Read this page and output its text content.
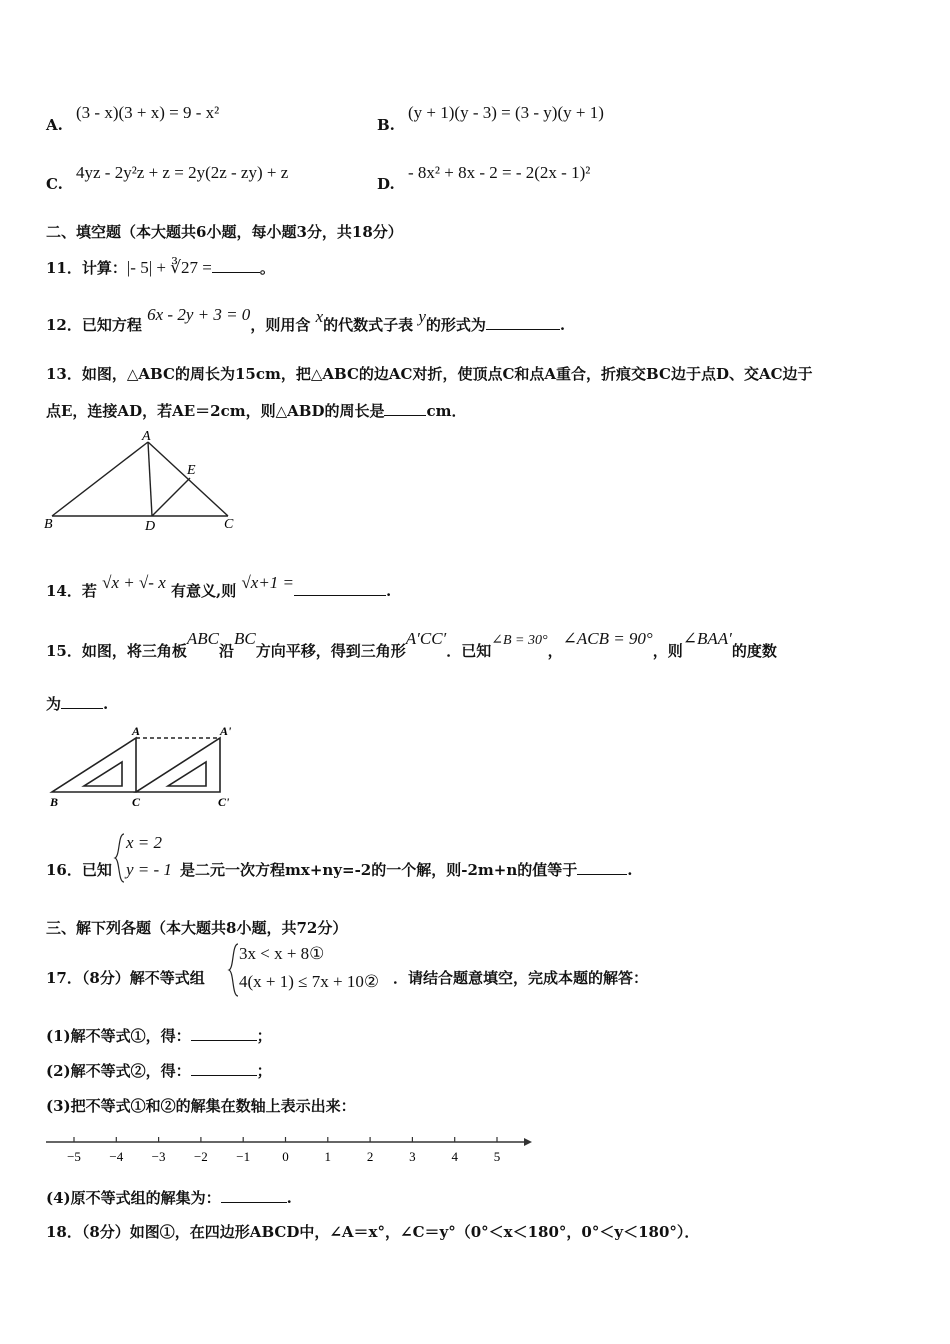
A.
(3 - x)(3 + x) = 9 - x²
B.
(y + 1)(y - 3) = (3 - y)(y + 1)
C.
4yz - 2y²z + z = 2y(2z - zy) + z
D.
- 8x² + 8x - 2 = - 2(2x - 1)²
二、填空题（本大题共6小题，每小题3分，共18分）
11．计算：|- 5| + ∛27 =	。
12．已知方程 6x - 2y + 3 = 0，则用含 x的代数式子表 y的形式为	.
13．如图，△ABC的周长为15cm，把△ABC的边AC对折，使顶点C和点A重合，折痕交BC边于点D、交AC边于
点E，连接AD，若AE＝2cm，则△ABD的周长是	cm．
A
B	C
D
E
14．若 √x + √- x 有意义,则 √x+1 =	.
15．如图，将三角板ABC沿BC方向平移，得到三角形A′CC′．已知∠B = 30°，∠ACB = 90°，则∠BAA′的度数
为	.
A	A'
B	C	C'
16．已知
x = 2
y = - 1 是二元一次方程mx+ny=-2的一个解，则-2m+n的值等于	.
三、解下列各题（本大题共8小题，共72分）
17．（8分）解不等式组
3x < x + 8①
4(x + 1) ≤ 7x + 10② ．请结合题意填空，完成本题的解答：
(1)解不等式①，得：	；
(2)解不等式②，得：	；
(3)把不等式①和②的解集在数轴上表示出来：
−5 −4 −3 −2 −1 0	1	2	3	4	5
(4)原不等式组的解集为：	.
18．（8分）如图①，在四边形ABCD中，∠A＝x°，∠C＝y°（0°＜x＜180°，0°＜y＜180°）．
